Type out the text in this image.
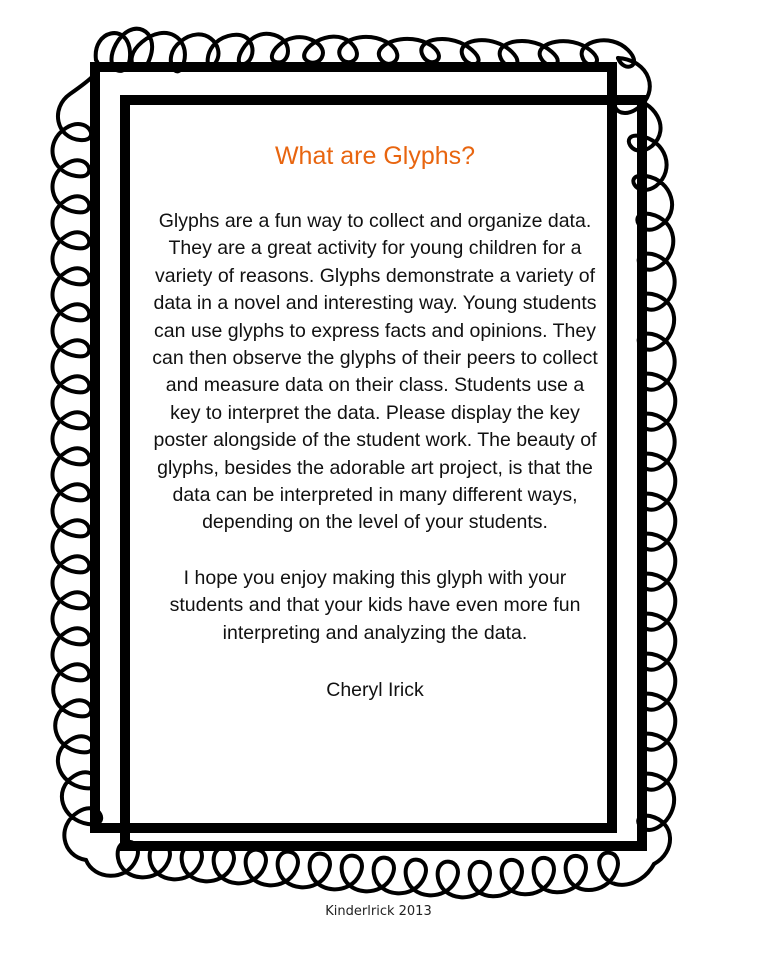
What are Glyphs?

Glyphs are a fun way to collect and organize data. They are a great activity for young children for a variety of reasons. Glyphs demonstrate a variety of data in a novel and interesting way. Young students can use glyphs to express facts and opinions. They can then observe the glyphs of their peers to collect and measure data on their class. Students use a key to interpret the data. Please display the key poster alongside of the student work. The beauty of glyphs, besides the adorable art project, is that the data can be interpreted in many different ways, depending on the level of your students.

I hope you enjoy making this glyph with your students and that your kids have even more fun interpreting and analyzing the data.

Cheryl Irick
Kinderlrick 2013
